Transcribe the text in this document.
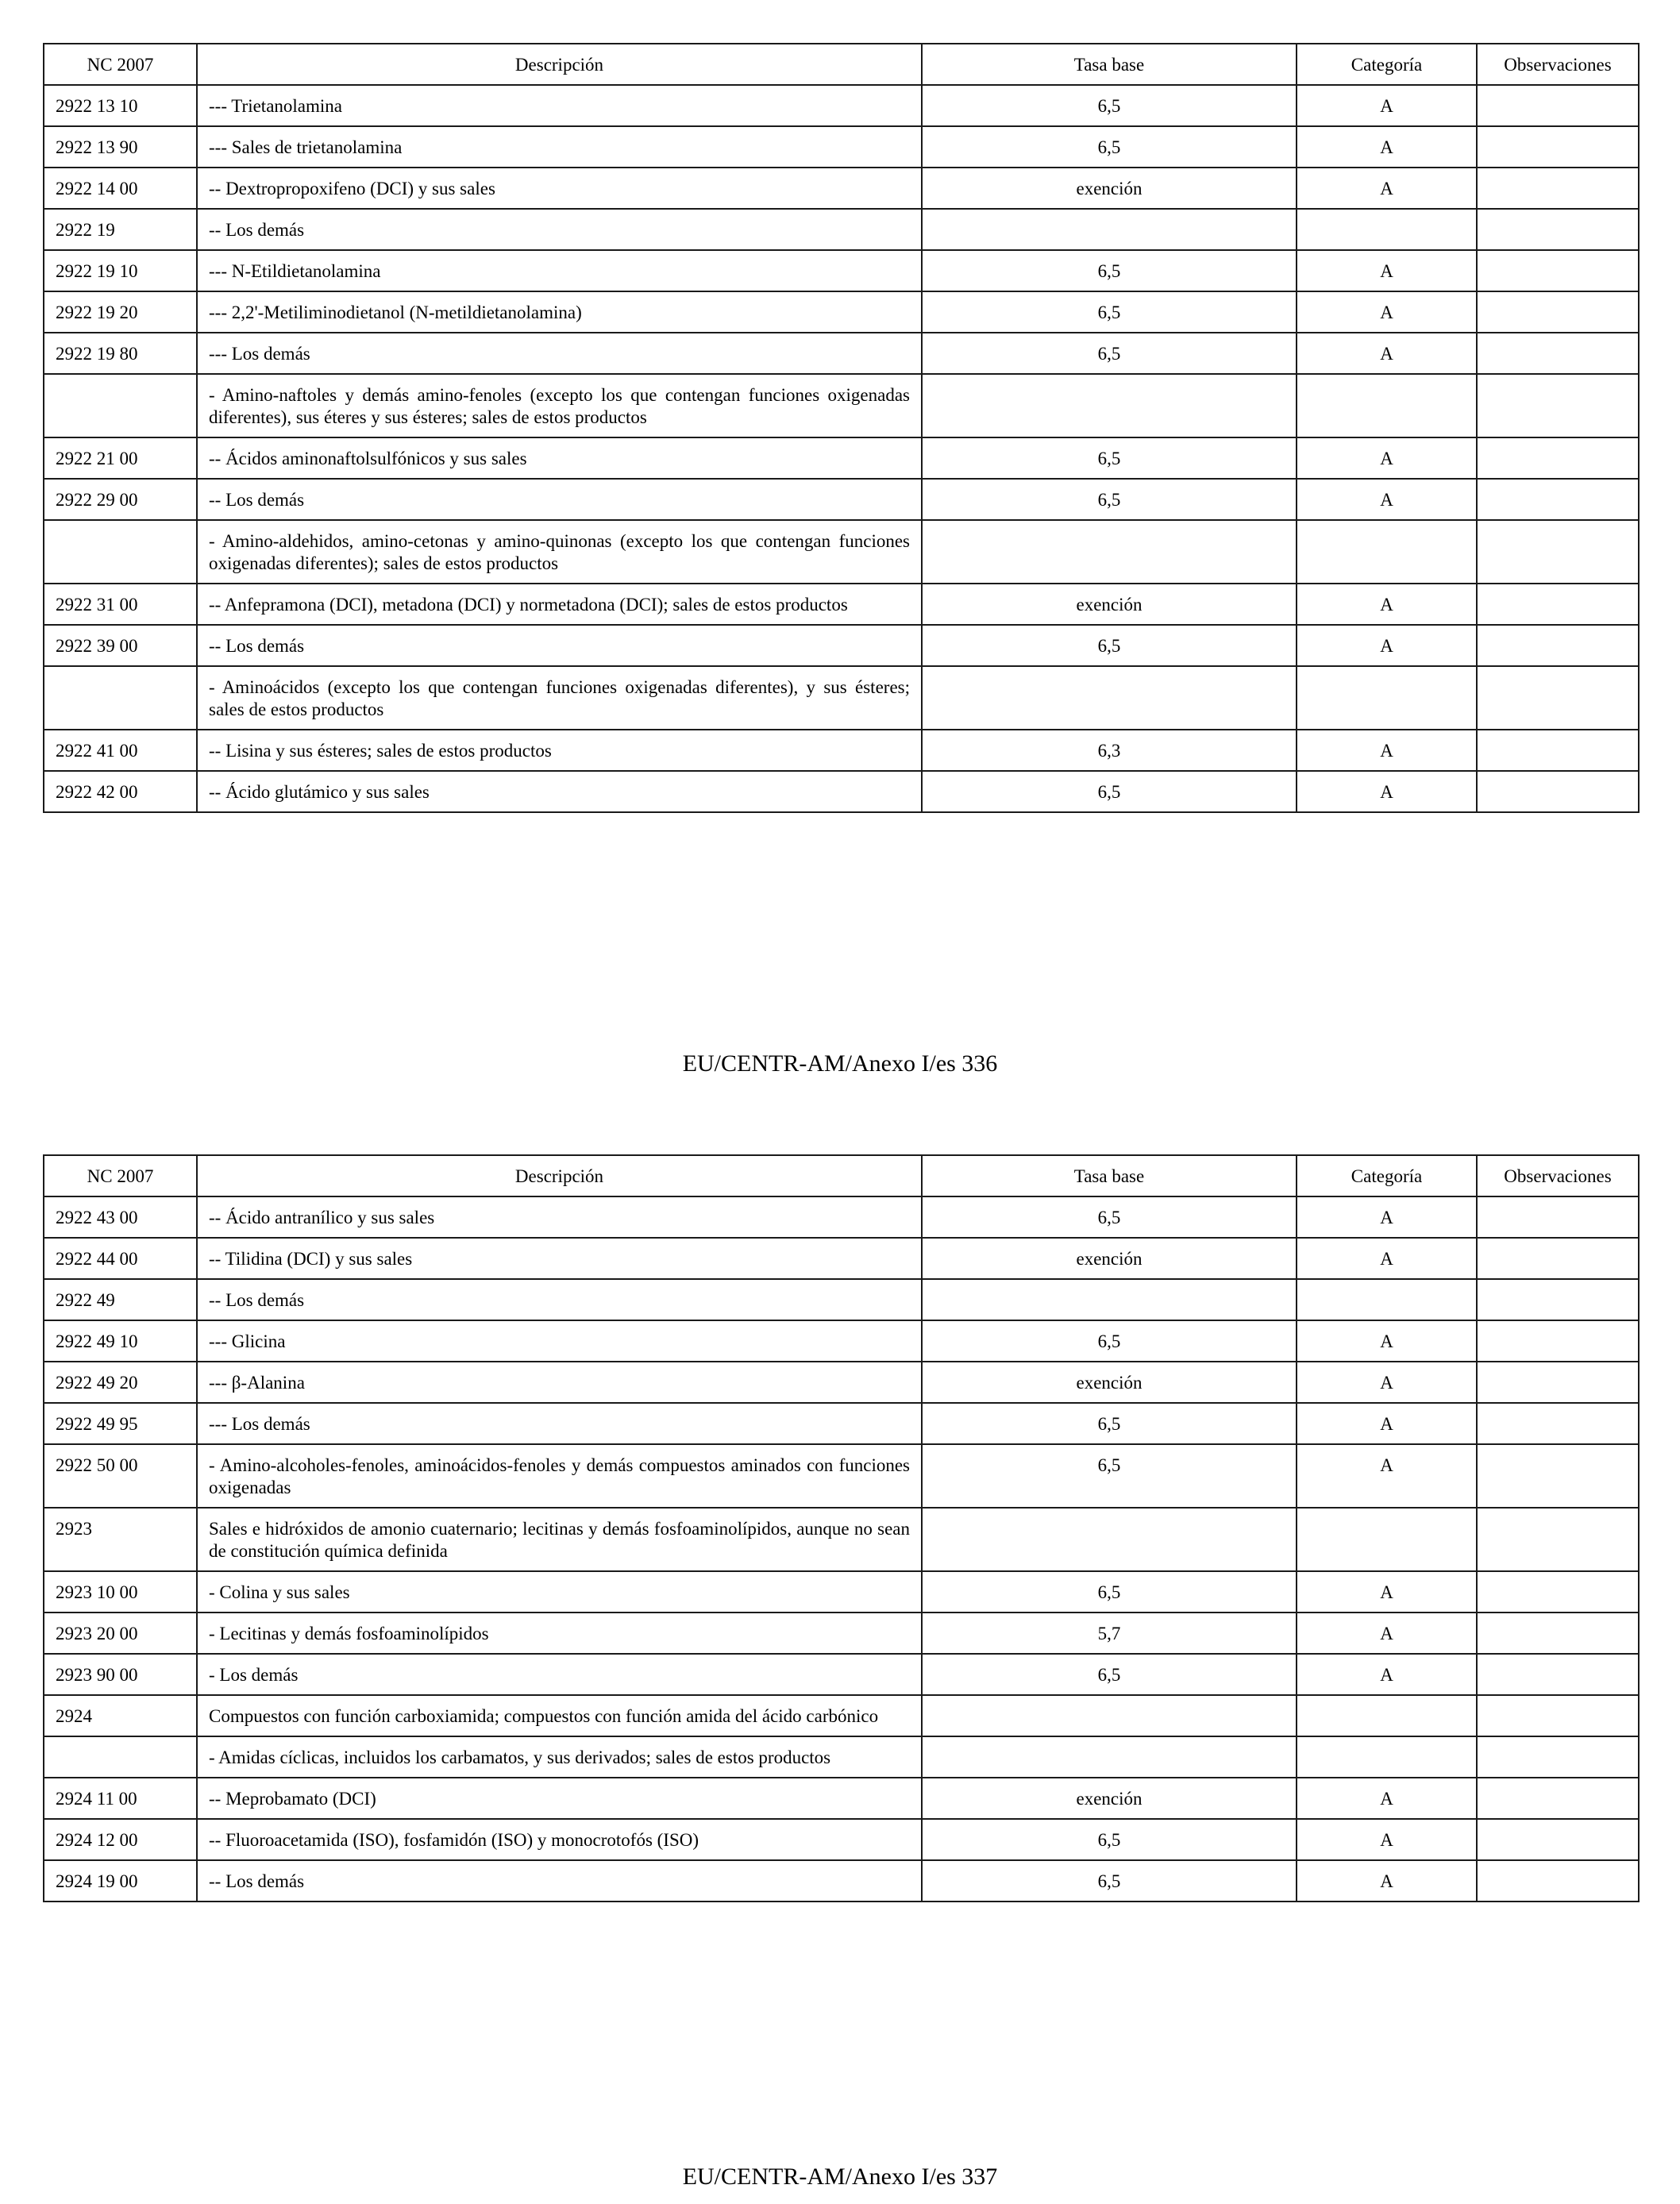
NC 2007	Descripción	Tasa base	Categoría	Observaciones
2922 13 10	--- Trietanolamina	6,5	A	
2922 13 90	--- Sales de trietanolamina	6,5	A	
2922 14 00	-- Dextropropoxifeno (DCI) y sus sales	exención	A	
2922 19	-- Los demás			
2922 19 10	--- N-Etildietanolamina	6,5	A	
2922 19 20	--- 2,2'-Metiliminodietanol (N-metildietanolamina)	6,5	A	
2922 19 80	--- Los demás	6,5	A	
	- Amino-naftoles y demás amino-fenoles (excepto los que contengan funciones oxigenadas diferentes), sus éteres y sus ésteres; sales de estos productos			
2922 21 00	-- Ácidos aminonaftolsulfónicos y sus sales	6,5	A	
2922 29 00	-- Los demás	6,5	A	
	- Amino-aldehidos, amino-cetonas y amino-quinonas (excepto los que contengan funciones oxigenadas diferentes); sales de estos productos			
2922 31 00	-- Anfepramona (DCI), metadona (DCI) y normetadona (DCI); sales de estos productos	exención	A	
2922 39 00	-- Los demás	6,5	A	
	- Aminoácidos (excepto los que contengan funciones oxigenadas diferentes), y sus ésteres; sales de estos productos			
2922 41 00	-- Lisina y sus ésteres; sales de estos productos	6,3	A	
2922 42 00	-- Ácido glutámico y sus sales	6,5	A	
EU/CENTR-AM/Anexo I/es 336
NC 2007	Descripción	Tasa base	Categoría	Observaciones
2922 43 00	-- Ácido antranílico y sus sales	6,5	A	
2922 44 00	-- Tilidina (DCI) y sus sales	exención	A	
2922 49	-- Los demás			
2922 49 10	--- Glicina	6,5	A	
2922 49 20	--- β-Alanina	exención	A	
2922 49 95	--- Los demás	6,5	A	
2922 50 00	- Amino-alcoholes-fenoles, aminoácidos-fenoles y demás compuestos aminados con funciones oxigenadas	6,5	A	
2923	Sales e hidróxidos de amonio cuaternario; lecitinas y demás fosfoaminolípidos, aunque no sean de constitución química definida			
2923 10 00	- Colina y sus sales	6,5	A	
2923 20 00	- Lecitinas y demás fosfoaminolípidos	5,7	A	
2923 90 00	- Los demás	6,5	A	
2924	Compuestos con función carboxiamida; compuestos con función amida del ácido carbónico			
	- Amidas cíclicas, incluidos los carbamatos, y sus derivados; sales de estos productos			
2924 11 00	-- Meprobamato (DCI)	exención	A	
2924 12 00	-- Fluoroacetamida (ISO), fosfamidón (ISO) y monocrotofós (ISO)	6,5	A	
2924 19 00	-- Los demás	6,5	A	
EU/CENTR-AM/Anexo I/es 337
